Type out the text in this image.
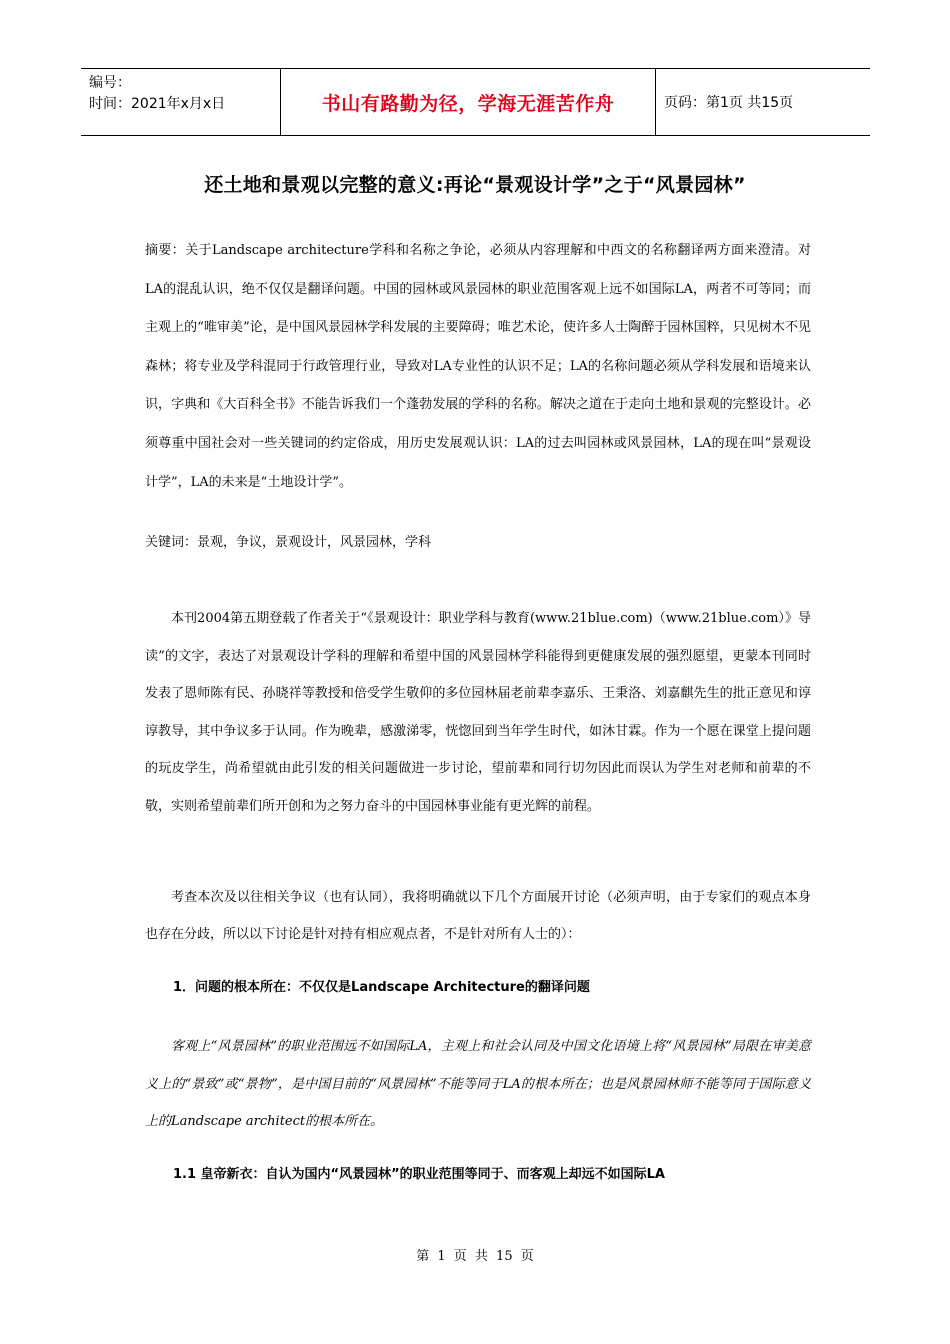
编号：
时间：2021年x月x日	书山有路勤为径，学海无涯苦作舟	页码：第1页 共15页
还土地和景观以完整的意义:再论“景观设计学”之于“风景园林”
摘要：关于Landscape architecture学科和名称之争论，必须从内容理解和中西文的名称翻译两方面来澄清。对LA的混乱认识，绝不仅仅是翻译问题。中国的园林或风景园林的职业范围客观上远不如国际LA，两者不可等同；而主观上的“唯审美”论，是中国风景园林学科发展的主要障碍；唯艺术论，使许多人士陶醉于园林国粹，只见树木不见森林；将专业及学科混同于行政管理行业，导致对LA专业性的认识不足；LA的名称问题必须从学科发展和语境来认识，字典和《大百科全书》不能告诉我们一个蓬勃发展的学科的名称。解决之道在于走向土地和景观的完整设计。必须尊重中国社会对一些关键词的约定俗成，用历史发展观认识：LA的过去叫园林或风景园林，LA的现在叫“景观设计学”，LA的未来是“土地设计学”。
关键词：景观，争议，景观设计，风景园林，学科
本刊2004第五期登载了作者关于“《景观设计：职业学科与教育(www.21blue.com)（www.21blue.com）》导读”的文字，表达了对景观设计学科的理解和希望中国的风景园林学科能得到更健康发展的强烈愿望，更蒙本刊同时发表了恩师陈有民、孙晓祥等教授和倍受学生敬仰的多位园林届老前辈李嘉乐、王秉洛、刘嘉麒先生的批正意见和谆谆教导，其中争议多于认同。作为晚辈，感激涕零，恍惚回到当年学生时代，如沐甘霖。作为一个愿在课堂上提问题的玩皮学生，尚希望就由此引发的相关问题做进一步讨论，望前辈和同行切勿因此而误认为学生对老师和前辈的不敬，实则希望前辈们所开创和为之努力奋斗的中国园林事业能有更光辉的前程。
考查本次及以往相关争议（也有认同），我将明确就以下几个方面展开讨论（必须声明，由于专家们的观点本身也存在分歧，所以以下讨论是针对持有相应观点者，不是针对所有人士的）：
1．问题的根本所在：不仅仅是Landscape Architecture的翻译问题
客观上“风景园林”的职业范围远不如国际LA，主观上和社会认同及中国文化语境上将“风景园林”局限在审美意义上的“景致”或“景物”，是中国目前的“风景园林”不能等同于LA的根本所在；也是风景园林师不能等同于国际意义上的Landscape architect的根本所在。
1.1 皇帝新衣：自认为国内“风景园林”的职业范围等同于、而客观上却远不如国际LA
第 1 页 共 15 页
